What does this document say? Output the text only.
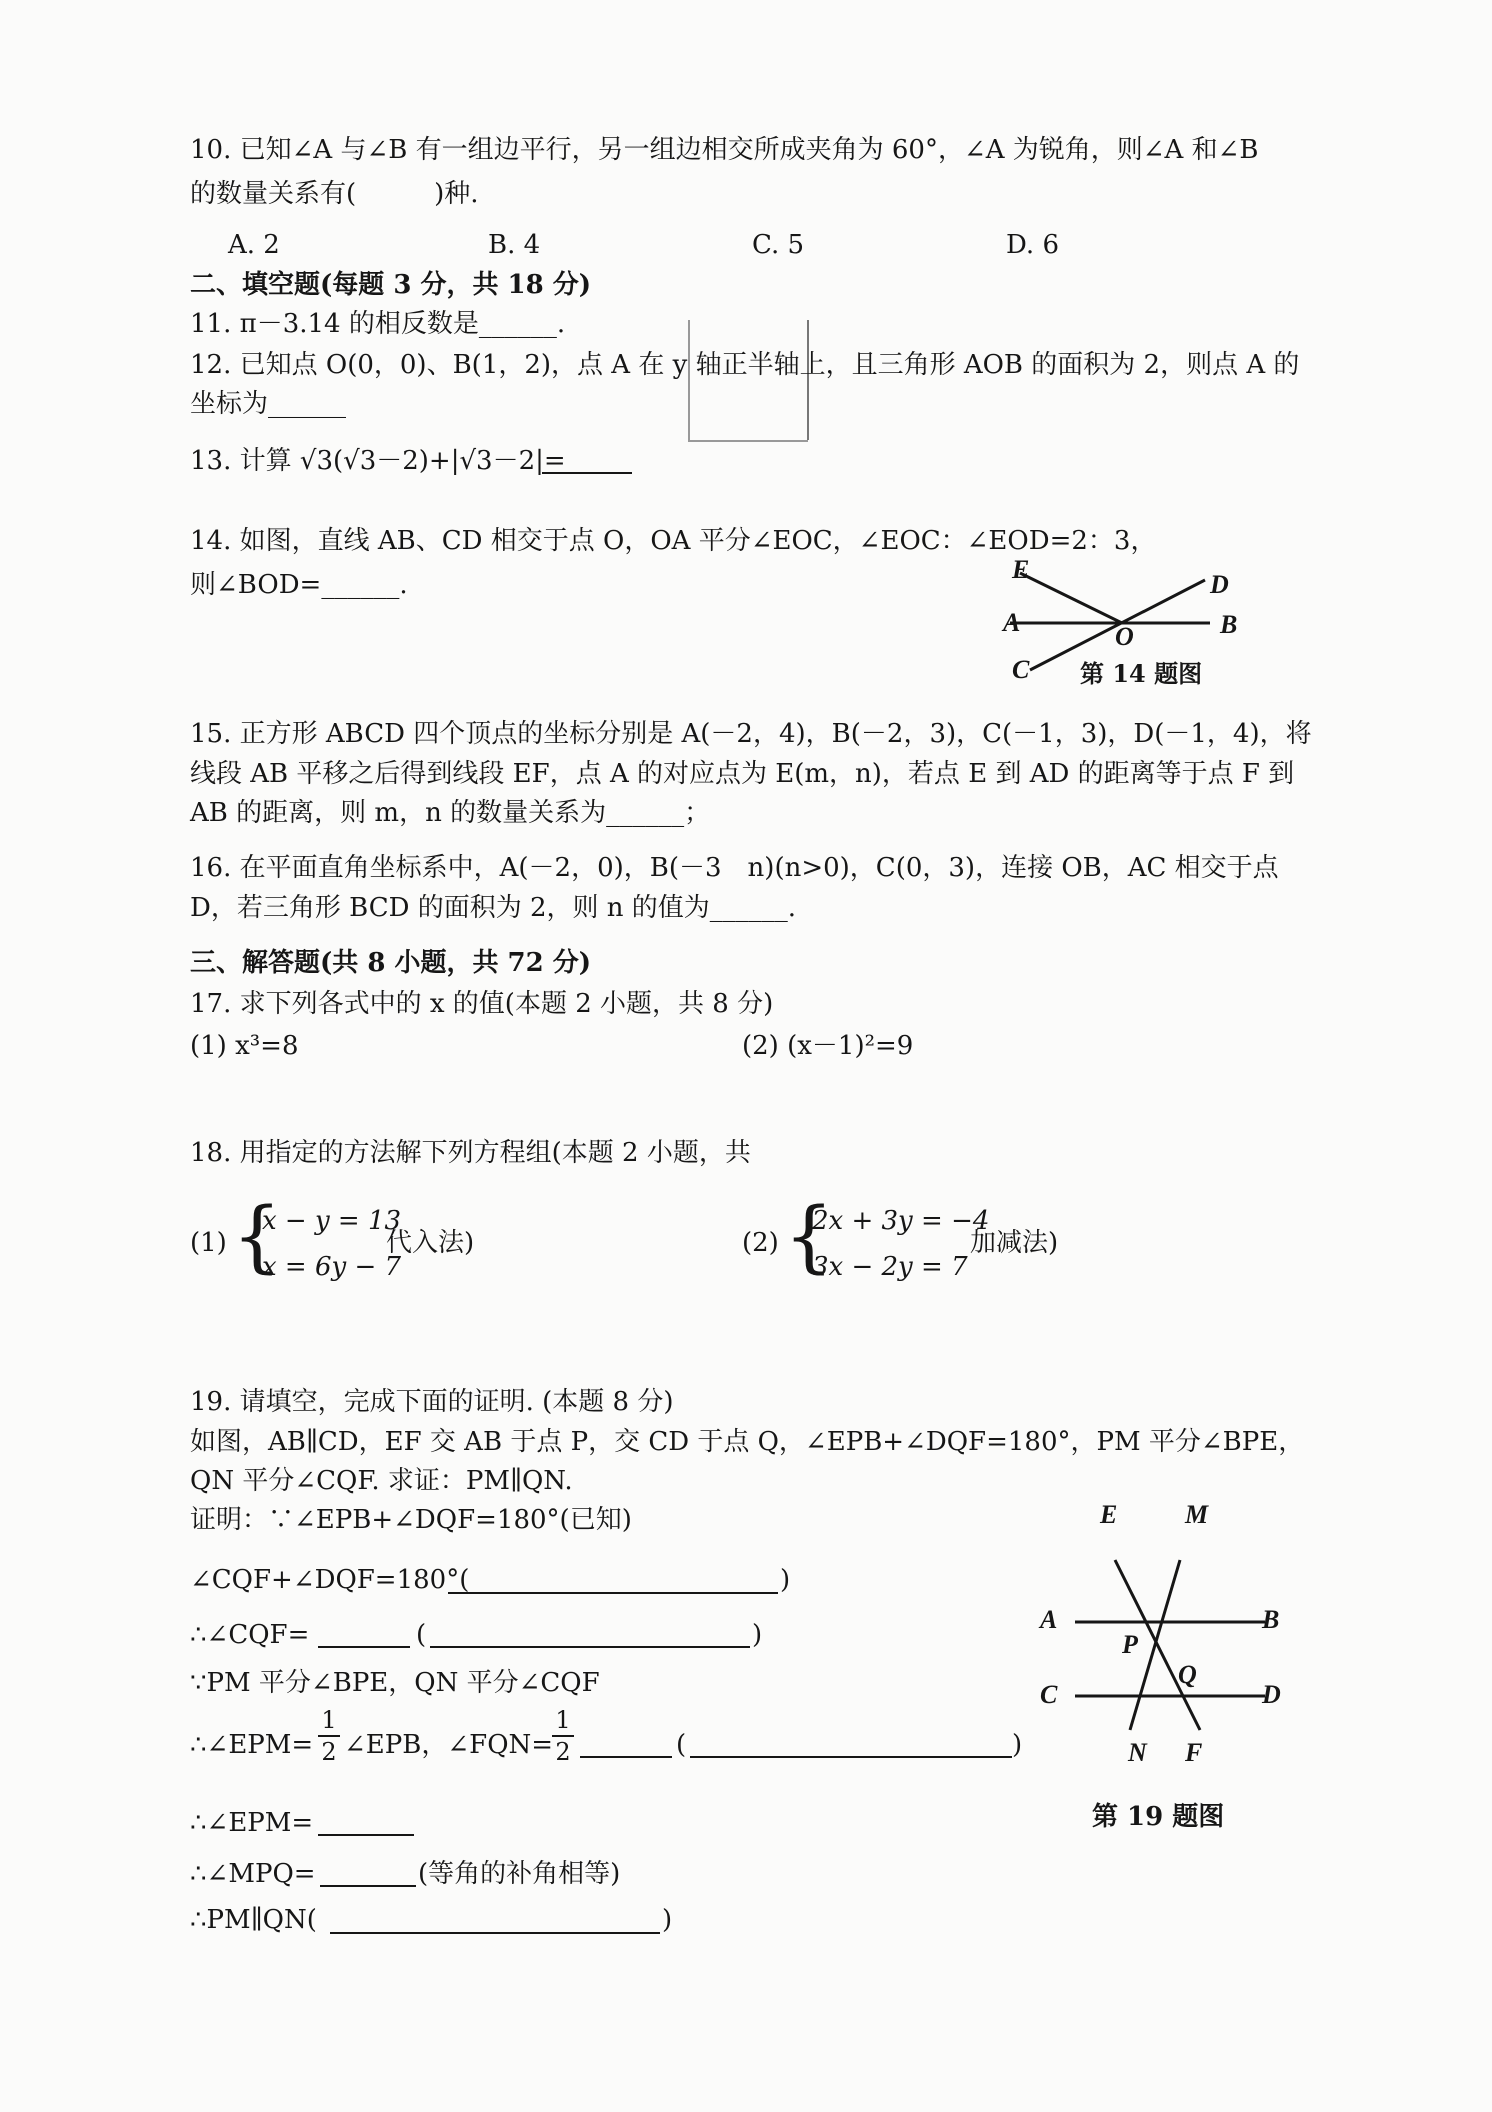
10. 已知∠A 与∠B 有一组边平行，另一组边相交所成夹角为 60°，∠A 为锐角，则∠A 和∠B
的数量关系有(　　　)种.
A. 2	B. 4	C. 5	D. 6
二、填空题(每题 3 分，共 18 分)
11. π－3.14 的相反数是______.
12. 已知点 O(0，0)、B(1，2)，点 A 在 y 轴正半轴上，且三角形 AOB 的面积为 2，则点 A 的
坐标为______
13. 计算 √3(√3－2)+|√3－2|=
14. 如图，直线 AB、CD 相交于点 O，OA 平分∠EOC，∠EOC：∠EOD=2：3，
则∠BOD=______.
E
D
A	O	B
C 第 14 题图
15. 正方形 ABCD 四个顶点的坐标分别是 A(－2，4)，B(－2，3)，C(－1，3)，D(－1，4)，将
线段 AB 平移之后得到线段 EF，点 A 的对应点为 E(m，n)，若点 E 到 AD 的距离等于点 F 到
AB 的距离，则 m，n 的数量关系为______；
16. 在平面直角坐标系中，A(－2，0)，B(－3　n)(n>0)，C(0，3)，连接 OB，AC 相交于点
D，若三角形 BCD 的面积为 2，则 n 的值为______.
三、解答题(共 8 小题，共 72 分)
17. 求下列各式中的 x 的值(本题 2 小题，共 8 分)
(1) x³=8	(2) (x－1)²=9
18. 用指定的方法解下列方程组(本题 2 小题，共
(1) {
x − y = 13
x = 6y − 7
代入法)	(2) {
2x + 3y = −4
3x − 2y = 7
加减法)
19. 请填空，完成下面的证明. (本题 8 分)
如图，AB∥CD，EF 交 AB 于点 P，交 CD 于点 Q，∠EPB+∠DQF=180°，PM 平分∠BPE，
QN 平分∠CQF. 求证：PM∥QN.
证明：∵∠EPB+∠DQF=180°(已知)
∠CQF+∠DQF=180°(	)
∴∠CQF=	(	)
∵PM 平分∠BPE，QN 平分∠CQF
∴∠EPM=
1
2 ∠EPB，∠FQN=
1
2	(	)
∴∠EPM=
∴∠MPQ=	(等角的补角相等)
∴PM∥QN(	)
E	M
A	B
P
Q
C	D
N F
第 19 题图
